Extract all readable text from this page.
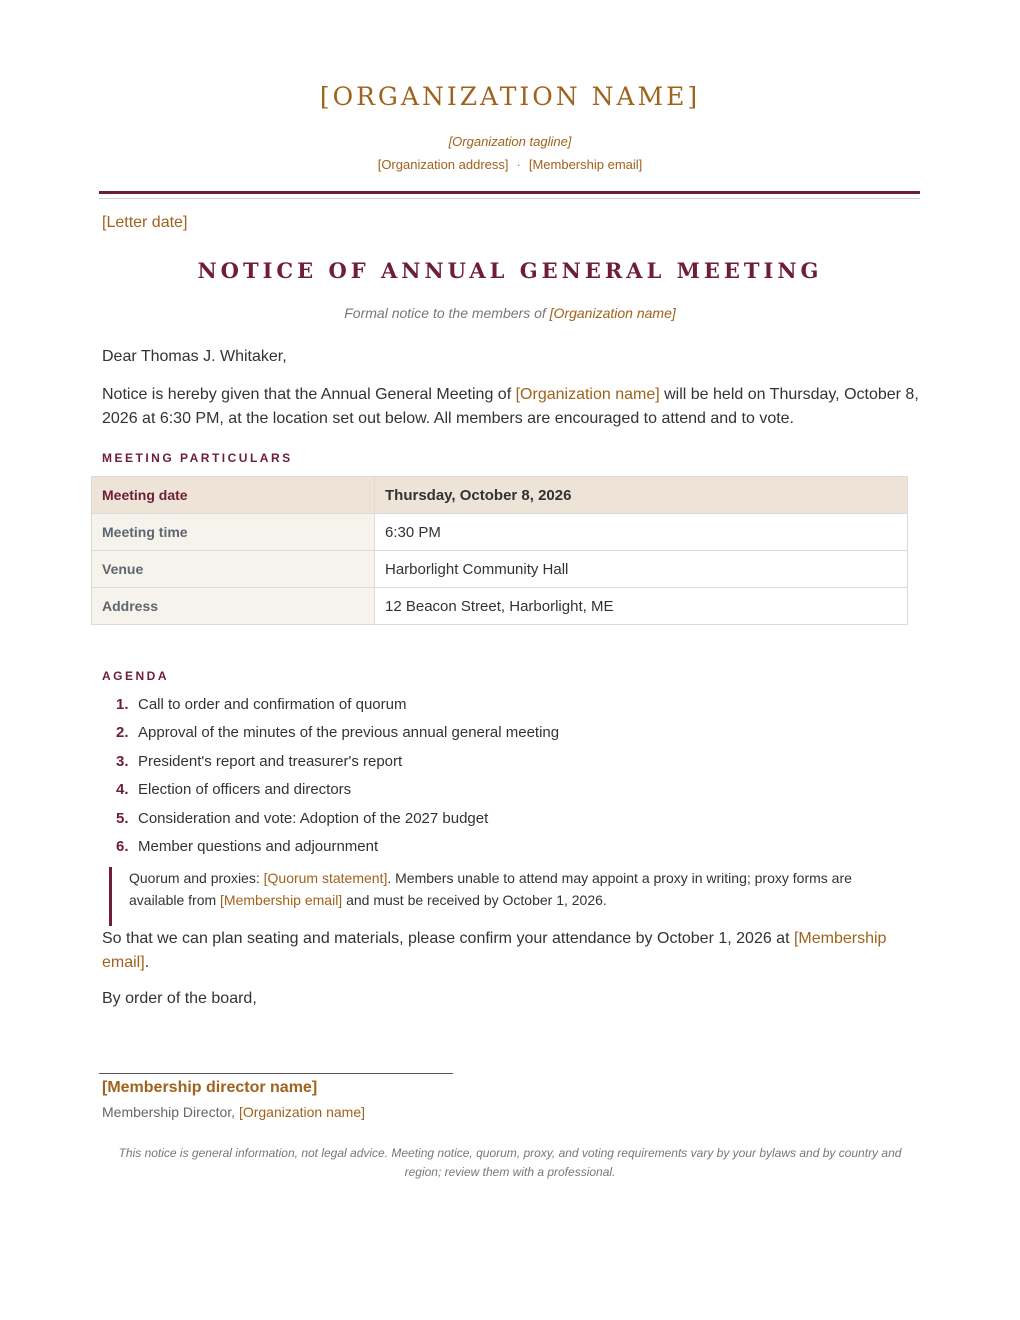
[ORGANIZATION NAME]
[Organization tagline]
[Organization address] · [Membership email]
[Letter date]
NOTICE OF ANNUAL GENERAL MEETING
Formal notice to the members of [Organization name]
Dear Thomas J. Whitaker,
Notice is hereby given that the Annual General Meeting of [Organization name] will be held on Thursday, October 8, 2026 at 6:30 PM, at the location set out below. All members are encouraged to attend and to vote.
MEETING PARTICULARS
Meeting date	Thursday, October 8, 2026
Meeting time	6:30 PM
Venue	Harborlight Community Hall
Address	12 Beacon Street, Harborlight, ME
AGENDA
1. Call to order and confirmation of quorum
2. Approval of the minutes of the previous annual general meeting
3. President's report and treasurer's report
4. Election of officers and directors
5. Consideration and vote: Adoption of the 2027 budget
6. Member questions and adjournment
Quorum and proxies: [Quorum statement]. Members unable to attend may appoint a proxy in writing; proxy forms are available from [Membership email] and must be received by October 1, 2026.
So that we can plan seating and materials, please confirm your attendance by October 1, 2026 at [Membership email].
By order of the board,
[Membership director name]
Membership Director, [Organization name]
This notice is general information, not legal advice. Meeting notice, quorum, proxy, and voting requirements vary by your bylaws and by country and region; review them with a professional.
